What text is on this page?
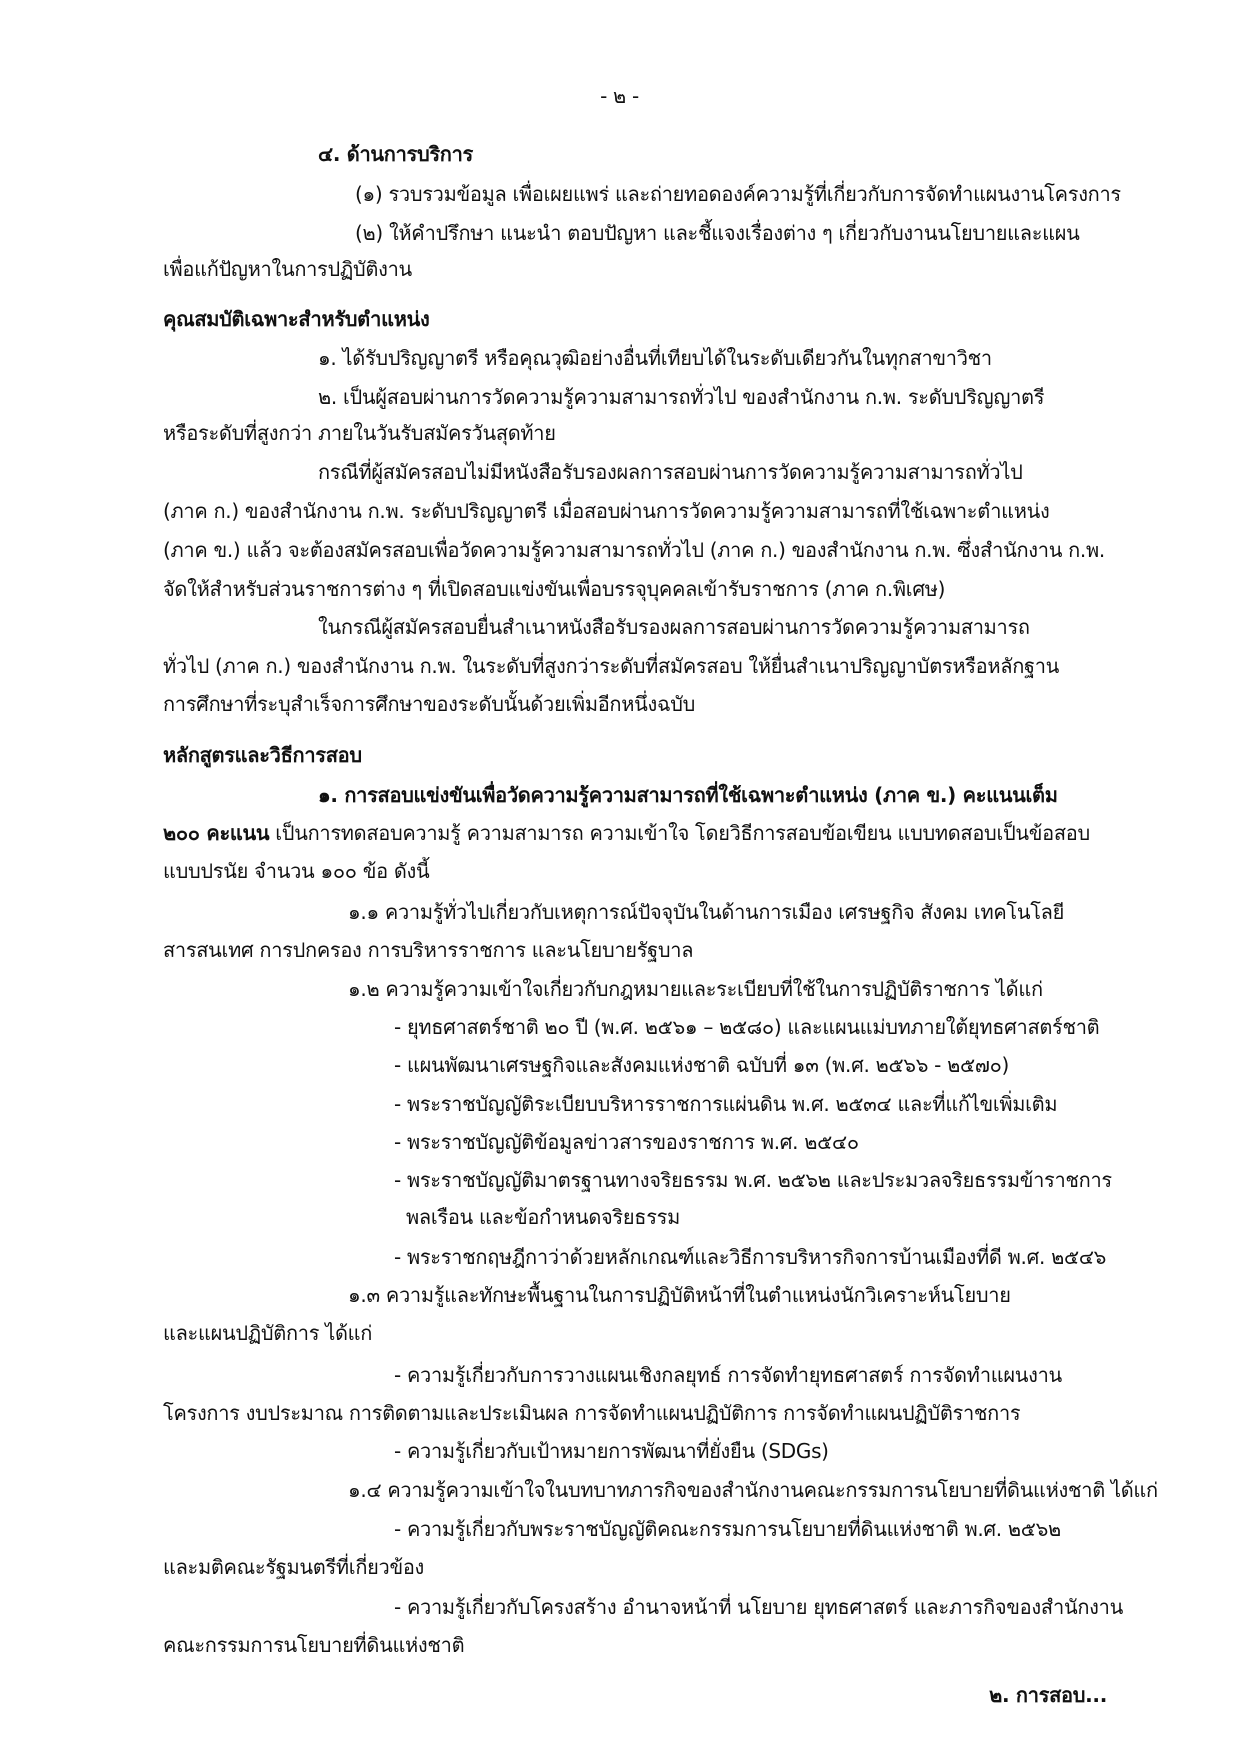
- ๒ -
๔. ด้านการบริการ
(๑) รวบรวมข้อมูล เพื่อเผยแพร่ และถ่ายทอดองค์ความรู้ที่เกี่ยวกับการจัดทำแผนงานโครงการ
(๒) ให้คำปรึกษา แนะนำ ตอบปัญหา และชี้แจงเรื่องต่าง ๆ เกี่ยวกับงานนโยบายและแผน
เพื่อแก้ปัญหาในการปฏิบัติงาน
คุณสมบัติเฉพาะสำหรับตำแหน่ง
๑. ได้รับปริญญาตรี หรือคุณวุฒิอย่างอื่นที่เทียบได้ในระดับเดียวกันในทุกสาขาวิชา
๒. เป็นผู้สอบผ่านการวัดความรู้ความสามารถทั่วไป ของสำนักงาน ก.พ. ระดับปริญญาตรี
หรือระดับที่สูงกว่า ภายในวันรับสมัครวันสุดท้าย
กรณีที่ผู้สมัครสอบไม่มีหนังสือรับรองผลการสอบผ่านการวัดความรู้ความสามารถทั่วไป
(ภาค ก.) ของสำนักงาน ก.พ. ระดับปริญญาตรี เมื่อสอบผ่านการวัดความรู้ความสามารถที่ใช้เฉพาะตำแหน่ง
(ภาค ข.) แล้ว จะต้องสมัครสอบเพื่อวัดความรู้ความสามารถทั่วไป (ภาค ก.) ของสำนักงาน ก.พ. ซึ่งสำนักงาน ก.พ.
จัดให้สำหรับส่วนราชการต่าง ๆ ที่เปิดสอบแข่งขันเพื่อบรรจุบุคคลเข้ารับราชการ (ภาค ก.พิเศษ)
ในกรณีผู้สมัครสอบยื่นสำเนาหนังสือรับรองผลการสอบผ่านการวัดความรู้ความสามารถ
ทั่วไป (ภาค ก.) ของสำนักงาน ก.พ. ในระดับที่สูงกว่าระดับที่สมัครสอบ ให้ยื่นสำเนาปริญญาบัตรหรือหลักฐาน
การศึกษาที่ระบุสำเร็จการศึกษาของระดับนั้นด้วยเพิ่มอีกหนึ่งฉบับ
หลักสูตรและวิธีการสอบ
๑. การสอบแข่งขันเพื่อวัดความรู้ความสามารถที่ใช้เฉพาะตำแหน่ง (ภาค ข.) คะแนนเต็ม
๒๐๐ คะแนน เป็นการทดสอบความรู้ ความสามารถ ความเข้าใจ โดยวิธีการสอบข้อเขียน แบบทดสอบเป็นข้อสอบ
แบบปรนัย จำนวน ๑๐๐ ข้อ ดังนี้
๑.๑ ความรู้ทั่วไปเกี่ยวกับเหตุการณ์ปัจจุบันในด้านการเมือง เศรษฐกิจ สังคม เทคโนโลยี
สารสนเทศ การปกครอง การบริหารราชการ และนโยบายรัฐบาล
๑.๒ ความรู้ความเข้าใจเกี่ยวกับกฎหมายและระเบียบที่ใช้ในการปฏิบัติราชการ ได้แก่
- ยุทธศาสตร์ชาติ ๒๐ ปี (พ.ศ. ๒๕๖๑ – ๒๕๘๐) และแผนแม่บทภายใต้ยุทธศาสตร์ชาติ
- แผนพัฒนาเศรษฐกิจและสังคมแห่งชาติ ฉบับที่ ๑๓ (พ.ศ. ๒๕๖๖ - ๒๕๗๐)
- พระราชบัญญัติระเบียบบริหารราชการแผ่นดิน พ.ศ. ๒๕๓๔ และที่แก้ไขเพิ่มเติม
- พระราชบัญญัติข้อมูลข่าวสารของราชการ พ.ศ. ๒๕๔๐
- พระราชบัญญัติมาตรฐานทางจริยธรรม พ.ศ. ๒๕๖๒ และประมวลจริยธรรมข้าราชการ
พลเรือน และข้อกำหนดจริยธรรม
- พระราชกฤษฎีกาว่าด้วยหลักเกณฑ์และวิธีการบริหารกิจการบ้านเมืองที่ดี พ.ศ. ๒๕๔๖
๑.๓ ความรู้และทักษะพื้นฐานในการปฏิบัติหน้าที่ในตำแหน่งนักวิเคราะห์นโยบาย
และแผนปฏิบัติการ ได้แก่
- ความรู้เกี่ยวกับการวางแผนเชิงกลยุทธ์ การจัดทำยุทธศาสตร์ การจัดทำแผนงาน
โครงการ งบประมาณ การติดตามและประเมินผล การจัดทำแผนปฏิบัติการ การจัดทำแผนปฏิบัติราชการ
- ความรู้เกี่ยวกับเป้าหมายการพัฒนาที่ยั่งยืน (SDGs)
๑.๔ ความรู้ความเข้าใจในบทบาทภารกิจของสำนักงานคณะกรรมการนโยบายที่ดินแห่งชาติ ได้แก่
- ความรู้เกี่ยวกับพระราชบัญญัติคณะกรรมการนโยบายที่ดินแห่งชาติ พ.ศ. ๒๕๖๒
และมติคณะรัฐมนตรีที่เกี่ยวข้อง
- ความรู้เกี่ยวกับโครงสร้าง อำนาจหน้าที่ นโยบาย ยุทธศาสตร์ และภารกิจของสำนักงาน
คณะกรรมการนโยบายที่ดินแห่งชาติ
๒. การสอบ...
